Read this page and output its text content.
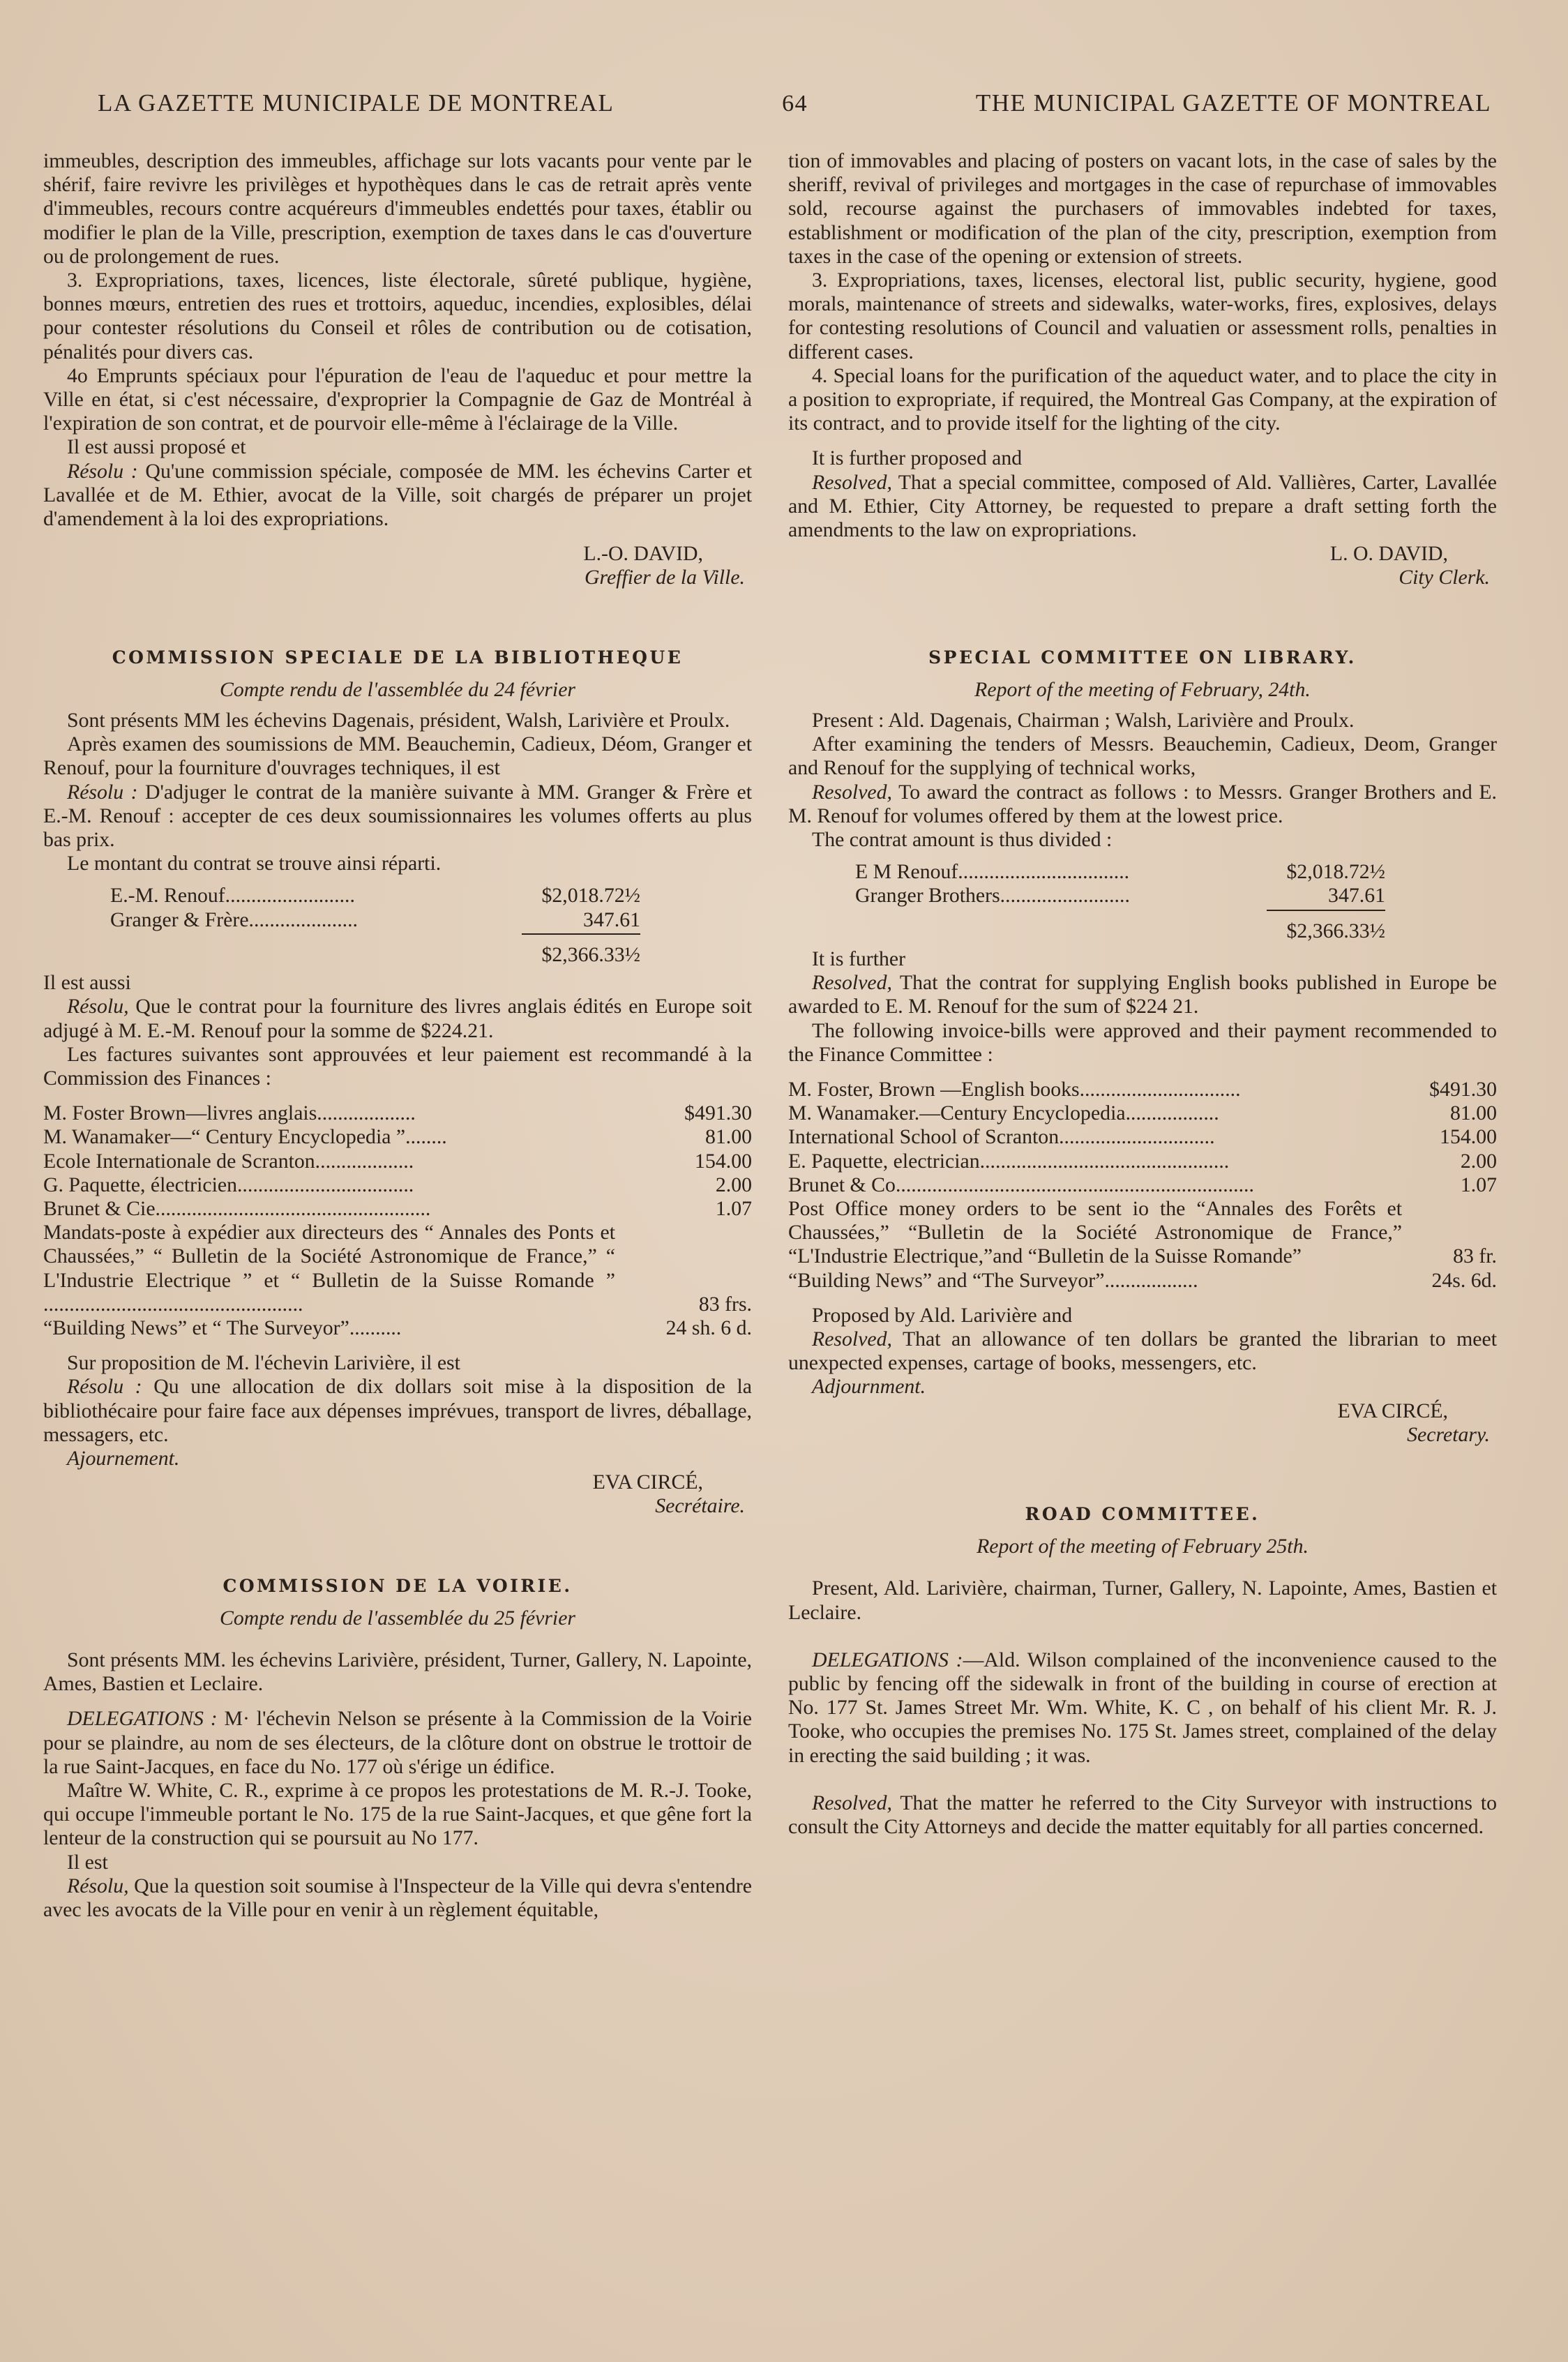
LA GAZETTE MUNICIPALE DE MONTREAL	64	THE MUNICIPAL GAZETTE OF MONTREAL

immeubles, description des immeubles, affichage sur lots vacants pour vente par le shérif, faire revivre les privilèges et hypothèques dans le cas de retrait après vente d'immeubles, recours contre acquéreurs d'immeubles endettés pour taxes, établir ou modifier le plan de la Ville, prescription, exemption de taxes dans le cas d'ouverture ou de prolongement de rues.

3. Expropriations, taxes, licences, liste électorale, sûreté publique, hygiène, bonnes mœurs, entretien des rues et trottoirs, aqueduc, incendies, explosibles, délai pour contester résolutions du Conseil et rôles de contribution ou de cotisation, pénalités pour divers cas.

4o Emprunts spéciaux pour l'épuration de l'eau de l'aqueduc et pour mettre la Ville en état, si c'est nécessaire, d'exproprier la Compagnie de Gaz de Montréal à l'expiration de son contrat, et de pourvoir elle-même à l'éclairage de la Ville.

Il est aussi proposé et

Résolu : Qu'une commission spéciale, composée de MM. les échevins Carter et Lavallée et de M. Ethier, avocat de la Ville, soit chargés de préparer un projet d'amendement à la loi des expropriations.

L.-O. DAVID,
Greffier de la Ville.
COMMISSION SPECIALE DE LA BIBLIOTHEQUE
Compte rendu de l'assemblée du 24 février

Sont présents MM les échevins Dagenais, président, Walsh, Larivière et Proulx.

Après examen des soumissions de MM. Beauchemin, Cadieux, Déom, Granger et Renouf, pour la fourniture d'ouvrages techniques, il est

Résolu : D'adjuger le contrat de la manière suivante à MM. Granger & Frère et E.-M. Renouf : accepter de ces deux soumissionnaires les volumes offerts au plus bas prix.

Le montant du contrat se trouve ainsi réparti.

E.-M. Renouf.........................	$2,018.72½
Granger & Frère.....................	347.61
$2,366.33½

Il est aussi

Résolu, Que le contrat pour la fourniture des livres anglais édités en Europe soit adjugé à M. E.-M. Renouf pour la somme de $224.21.

Les factures suivantes sont approuvées et leur paiement est recommandé à la Commission des Finances :

M. Foster Brown—livres anglais...................	$491.30
M. Wanamaker—“ Century Encyclopedia ”........	81.00
Ecole Internationale de Scranton...................	154.00
G. Paquette, électricien..................................	2.00
Brunet & Cie.....................................................	1.07
Mandats-poste à expédier aux directeurs des “ Annales des Ponts et Chaussées,” “ Bulletin de la Société Astronomique de France,” “ L'Industrie Electrique ” et “ Bulletin de la Suisse Romande ” ..................................................	83 frs.
“Building News” et “ The Surveyor”..........	24 sh. 6 d.

Sur proposition de M. l'échevin Larivière, il est

Résolu : Qu une allocation de dix dollars soit mise à la disposition de la bibliothécaire pour faire face aux dépenses imprévues, transport de livres, déballage, messagers, etc.

Ajournement.

EVA CIRCÉ,
Secrétaire.
COMMISSION DE LA VOIRIE.
Compte rendu de l'assemblée du 25 février

Sont présents MM. les échevins Larivière, président, Turner, Gallery, N. Lapointe, Ames, Bastien et Leclaire.

DELEGATIONS : M· l'échevin Nelson se présente à la Commission de la Voirie pour se plaindre, au nom de ses électeurs, de la clôture dont on obstrue le trottoir de la rue Saint-Jacques, en face du No. 177 où s'érige un édifice.

Maître W. White, C. R., exprime à ce propos les protestations de M. R.-J. Tooke, qui occupe l'immeuble portant le No. 175 de la rue Saint-Jacques, et que gêne fort la lenteur de la construction qui se poursuit au No 177.

Il est

Résolu, Que la question soit soumise à l'Inspecteur de la Ville qui devra s'entendre avec les avocats de la Ville pour en venir à un règlement équitable,

tion of immovables and placing of posters on vacant lots, in the case of sales by the sheriff, revival of privileges and mortgages in the case of repurchase of immovables sold, recourse against the purchasers of immovables indebted for taxes, establishment or modification of the plan of the city, prescription, exemption from taxes in the case of the opening or extension of streets.

3. Expropriations, taxes, licenses, electoral list, public security, hygiene, good morals, maintenance of streets and sidewalks, water-works, fires, explosives, delays for contesting resolutions of Council and valuatien or assessment rolls, penalties in different cases.

4. Special loans for the purification of the aqueduct water, and to place the city in a position to expropriate, if required, the Montreal Gas Company, at the expiration of its contract, and to provide itself for the lighting of the city.

It is further proposed and

Resolved, That a special committee, composed of Ald. Vallières, Carter, Lavallée and M. Ethier, City Attorney, be requested to prepare a draft setting forth the amendments to the law on expropriations.

L. O. DAVID,
City Clerk.
SPECIAL COMMITTEE ON LIBRARY.
Report of the meeting of February, 24th.

Present : Ald. Dagenais, Chairman ; Walsh, Larivière and Proulx.

After examining the tenders of Messrs. Beauchemin, Cadieux, Deom, Granger and Renouf for the supplying of technical works,

Resolved, To award the contract as follows : to Messrs. Granger Brothers and E. M. Renouf for volumes offered by them at the lowest price.

The contrat amount is thus divided :

E M Renouf.................................	$2,018.72½
Granger Brothers.........................	347.61
$2,366.33½

It is further

Resolved, That the contrat for supplying English books published in Europe be awarded to E. M. Renouf for the sum of $224 21.

The following invoice-bills were approved and their payment recommended to the Finance Committee :

M. Foster, Brown —English books...............................	$491.30
M. Wanamaker.—Century Encyclopedia..................	81.00
International School of Scranton..............................	154.00
E. Paquette, electrician................................................	2.00
Brunet & Co.....................................................................	1.07
Post Office money orders to be sent io the “Annales des Forêts et Chaussées,” “Bulletin de la Société Astronomique de France,” “L'Industrie Electrique,”and “Bulletin de la Suisse Romande”	83 fr.
“Building News” and “The Surveyor”..................	24s. 6d.

Proposed by Ald. Larivière and

Resolved, That an allowance of ten dollars be granted the librarian to meet unexpected expenses, cartage of books, messengers, etc.

Adjournment.

EVA CIRCÉ,
Secretary.
ROAD COMMITTEE.
Report of the meeting of February 25th.

Present, Ald. Larivière, chairman, Turner, Gallery, N. Lapointe, Ames, Bastien et Leclaire.

DELEGATIONS :—Ald. Wilson complained of the inconvenience caused to the public by fencing off the sidewalk in front of the building in course of erection at No. 177 St. James Street Mr. Wm. White, K. C , on behalf of his client Mr. R. J. Tooke, who occupies the premises No. 175 St. James street, complained of the delay in erecting the said building ; it was.

Resolved, That the matter he referred to the City Surveyor with instructions to consult the City Attorneys and decide the matter equitably for all parties concerned.
